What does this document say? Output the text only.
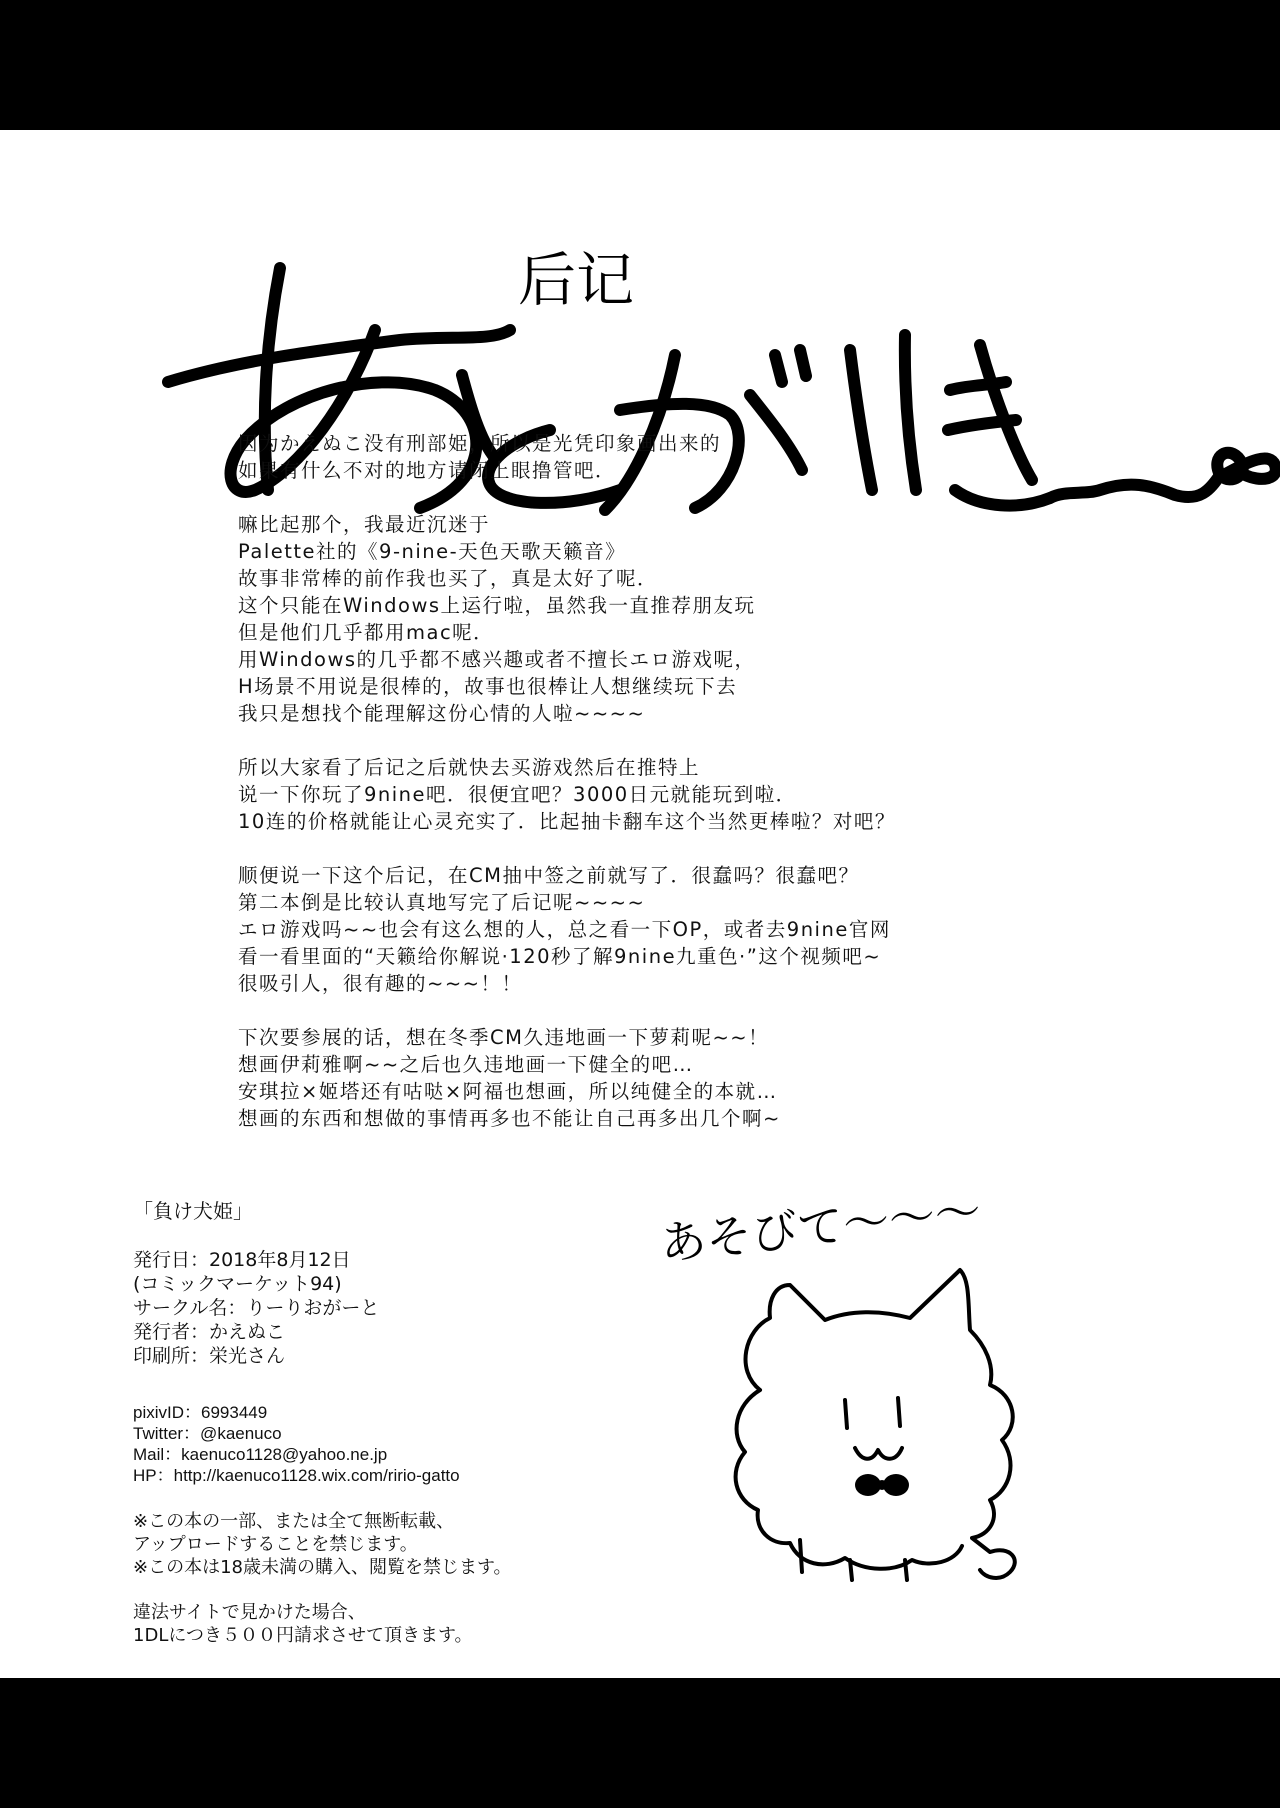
后记
あとがき
因为かえぬこ没有刑部姫，所以是光凭印象画出来的
如果有什么不对的地方请闭上眼撸管吧．
嘛比起那个，我最近沉迷于
Palette社的《9-nine-天色天歌天籁音》
故事非常棒的前作我也买了，真是太好了呢．
这个只能在Windows上运行啦，虽然我一直推荐朋友玩
但是他们几乎都用mac呢．
用Windows的几乎都不感兴趣或者不擅长エロ游戏呢，
H场景不用说是很棒的，故事也很棒让人想继续玩下去
我只是想找个能理解这份心情的人啦~~~~
所以大家看了后记之后就快去买游戏然后在推特上
说一下你玩了9nine吧．很便宜吧？3000日元就能玩到啦．
10连的价格就能让心灵充实了．比起抽卡翻车这个当然更棒啦？对吧？
顺便说一下这个后记，在CM抽中签之前就写了．很蠢吗？很蠢吧？
第二本倒是比较认真地写完了后记呢~~~~
エロ游戏吗~~也会有这么想的人，总之看一下OP，或者去9nine官网
看一看里面的“天籁给你解说·120秒了解9nine九重色·”这个视频吧~
很吸引人，很有趣的~~~！！
下次要参展的话，想在冬季CM久违地画一下萝莉呢~~！
想画伊莉雅啊~~之后也久违地画一下健全的吧…
安琪拉×姬塔还有咕哒×阿福也想画，所以纯健全的本就…
想画的东西和想做的事情再多也不能让自己再多出几个啊~
「負け犬姫」
発行日：2018年8月12日
(コミックマーケット94)
サークル名：りーりおがーと
発行者：かえぬこ
印刷所：栄光さん
pixivID：6993449
Twitter：@kaenuco
Mail：kaenuco1128@yahoo.ne.jp
HP：http://kaenuco1128.wix.com/ririo-gatto
※この本の一部、または全て無断転載、
アップロードすることを禁じます。
※この本は18歳未満の購入、閲覧を禁じます。
違法サイトで見かけた場合、
1DLにつき５００円請求させて頂きます。
あそびて〜〜〜
